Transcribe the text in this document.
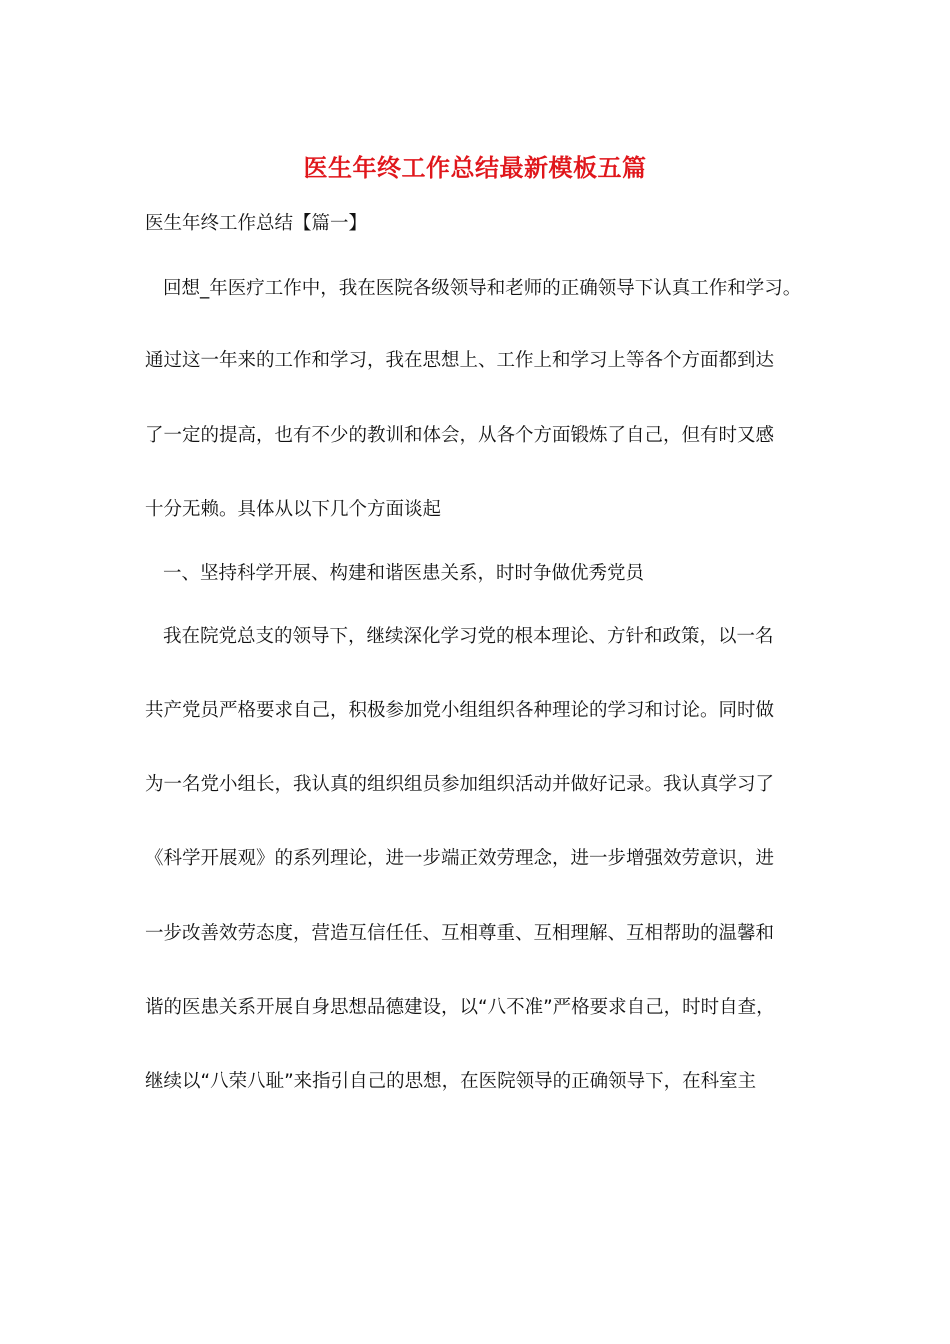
医生年终工作总结最新模板五篇
医生年终工作总结【篇一】
回想_年医疗工作中，我在医院各级领导和老师的正确领导下认真工作和学习。
通过这一年来的工作和学习，我在思想上、工作上和学习上等各个方面都到达
了一定的提高，也有不少的教训和体会，从各个方面锻炼了自己，但有时又感
十分无赖。具体从以下几个方面谈起
一、坚持科学开展、构建和谐医患关系，时时争做优秀党员
我在院党总支的领导下，继续深化学习党的根本理论、方针和政策，以一名
共产党员严格要求自己，积极参加党小组组织各种理论的学习和讨论。同时做
为一名党小组长，我认真的组织组员参加组织活动并做好记录。我认真学习了
《科学开展观》的系列理论，进一步端正效劳理念，进一步增强效劳意识，进
一步改善效劳态度，营造互信任任、互相尊重、互相理解、互相帮助的温馨和
谐的医患关系开展自身思想品德建设，以“八不准”严格要求自己，时时自查，
继续以“八荣八耻”来指引自己的思想，在医院领导的正确领导下，在科室主
